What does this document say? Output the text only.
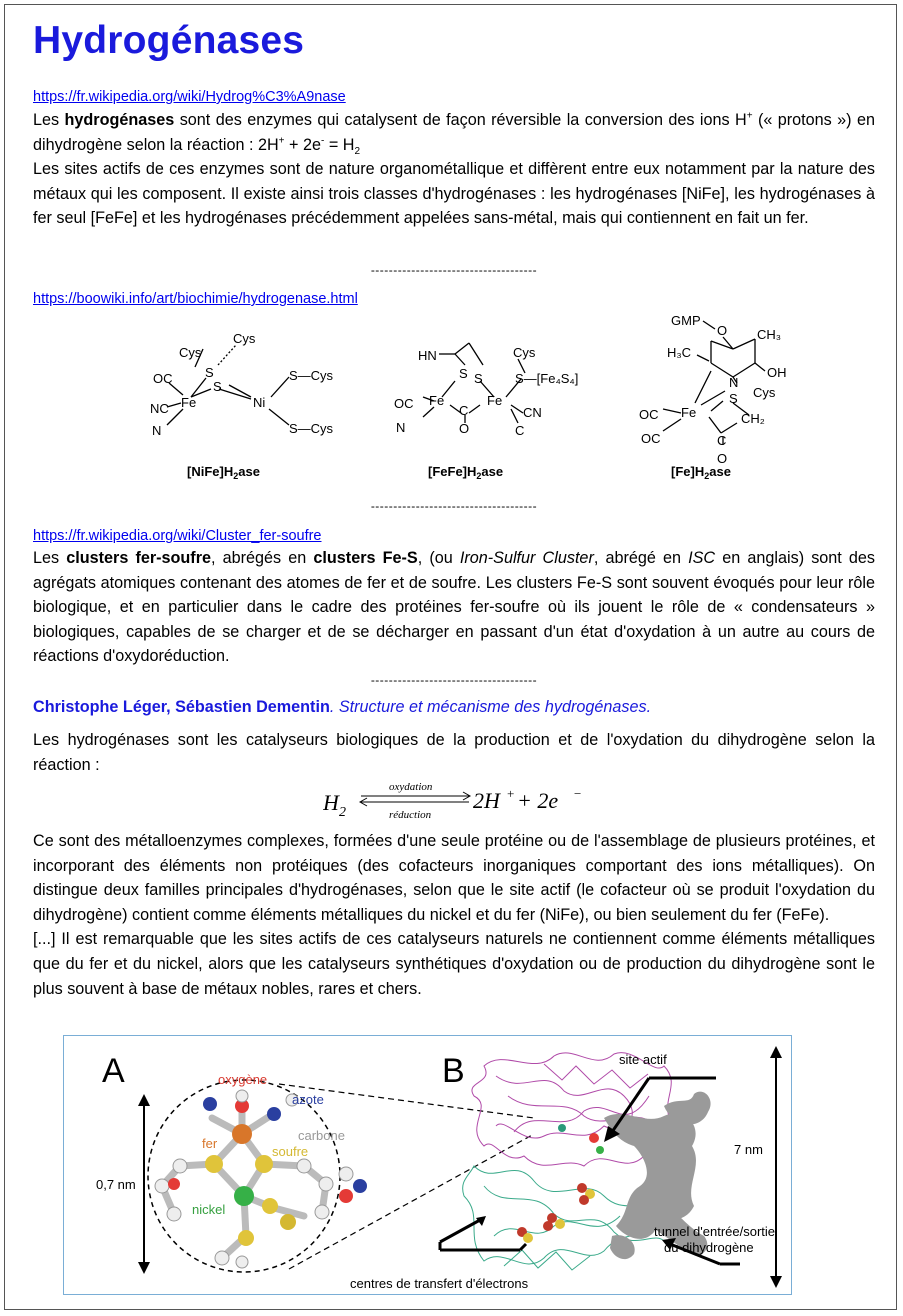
Hydrogénases
https://fr.wikipedia.org/wiki/Hydrog%C3%A9nase

Les hydrogénases sont des enzymes qui catalysent de façon réversible la conversion des ions H+ (« protons ») en dihydrogène selon la réaction : $2H^+ + 2e^- = H_2$

Les sites actifs de ces enzymes sont de nature organométallique et diffèrent entre eux notamment par la nature des métaux qui les composent. Il existe ainsi trois classes d'hydrogénases : les hydrogénases [NiFe], les hydrogénases à fer seul [FeFe] et les hydrogénases précédemment appelées sans-métal, mais qui contiennent en fait un fer.

-------------------------------------
https://boowiki.info/art/biochimie/hydrogenase.html
Cys
Cys
S
S
Fe	Ni
S—Cys
S—Cys
OC
NC
N
HN
S S
Fe	Fe
Cys
S—[Fe₄S₄]
OC
N
C
O
CN
C
GMP
O CH₃
H₃C
OH
N
Fe
S Cys
CH₂
OC
OC	C
O
$[NiFe]H_2ase$	$[FeFe]H_2ase$	$[Fe]H_2ase$
-------------------------------------
https://fr.wikipedia.org/wiki/Cluster_fer-soufre

Les clusters fer-soufre, abrégés en clusters Fe-S, (ou Iron-Sulfur Cluster, abrégé en ISC en anglais) sont des agrégats atomiques contenant des atomes de fer et de soufre. Les clusters Fe-S sont souvent évoqués pour leur rôle biologique, et en particulier dans le cadre des protéines fer-soufre où ils jouent le rôle de « condensateurs » biologiques, capables de se charger et de se décharger en passant d'un état d'oxydation à un autre au cours de réactions d'oxydoréduction.

-------------------------------------

Christophe Léger, Sébastien Dementin. Structure et mécanisme des hydrogénases.

Les hydrogénases sont les catalyseurs biologiques de la production et de l'oxydation du dihydrogène selon la réaction :

H 2
oxydation
réduction
2H + + 2e −

Ce sont des métalloenzymes complexes, formées d'une seule protéine ou de l'assemblage de plusieurs protéines, et incorporant des éléments non protéiques (des cofacteurs inorganiques comportant des ions métalliques). On distingue deux familles principales d'hydrogénases, selon que le site actif (le cofacteur où se produit l'oxydation du dihydrogène) contient comme éléments métalliques du nickel et du fer (NiFe), ou bien seulement du fer (FeFe).

[...] Il est remarquable que les sites actifs de ces catalyseurs naturels ne contiennent comme éléments métalliques que du fer et du nickel, alors que les catalyseurs synthétiques d'oxydation ou de production du dihydrogène sont le plus souvent à base de métaux nobles, rares et chers.

A	B
0,7 nm
oxygène
azote
carbone
fer
soufre
nickel
site actif
tunnel d'entrée/sortie
du dihydrogène
centres de transfert d'électrons
7 nm
